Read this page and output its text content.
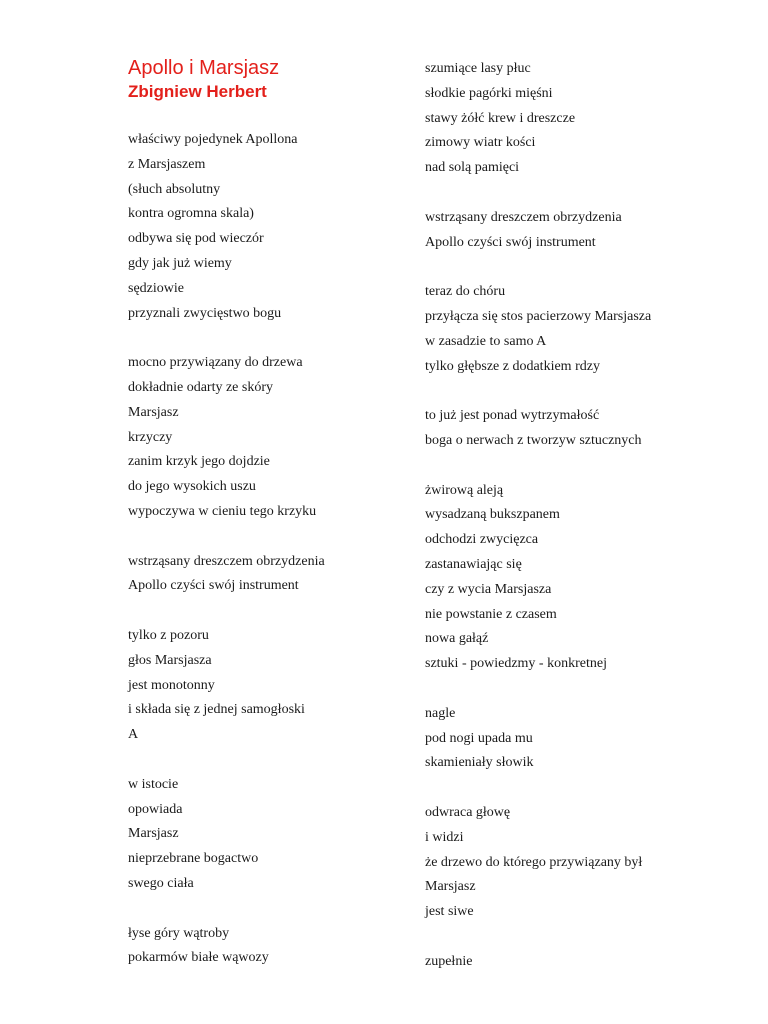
Apollo i Marsjasz
Zbigniew Herbert
właściwy pojedynek Apollona
z Marsjaszem
(słuch absolutny
kontra ogromna skala)
odbywa się pod wieczór
gdy jak już wiemy
sędziowie
przyznali zwycięstwo bogu
mocno przywiązany do drzewa
dokładnie odarty ze skóry
Marsjasz
krzyczy
zanim krzyk jego dojdzie
do jego wysokich uszu
wypoczywa w cieniu tego krzyku
wstrząsany dreszczem obrzydzenia
Apollo czyści swój instrument
tylko z pozoru
głos Marsjasza
jest monotonny
i składa się z jednej samogłoski
A
w istocie
opowiada
Marsjasz
nieprzebrane bogactwo
swego ciała
łyse góry wątroby
pokarmów białe wąwozy
szumiące lasy płuc
słodkie pagórki mięśni
stawy żółć krew i dreszcze
zimowy wiatr kości
nad solą pamięci
wstrząsany dreszczem obrzydzenia
Apollo czyści swój instrument
teraz do chóru
przyłącza się stos pacierzowy Marsjasza
w zasadzie to samo A
tylko głębsze z dodatkiem rdzy
to już jest ponad wytrzymałość
boga o nerwach z tworzyw sztucznych
żwirową aleją
wysadzaną bukszpanem
odchodzi zwycięzca
zastanawiając się
czy z wycia Marsjasza
nie powstanie z czasem
nowa gałąź
sztuki - powiedzmy - konkretnej
nagle
pod nogi upada mu
skamieniały słowik
odwraca głowę
i widzi
że drzewo do którego przywiązany był
Marsjasz
jest siwe
zupełnie
